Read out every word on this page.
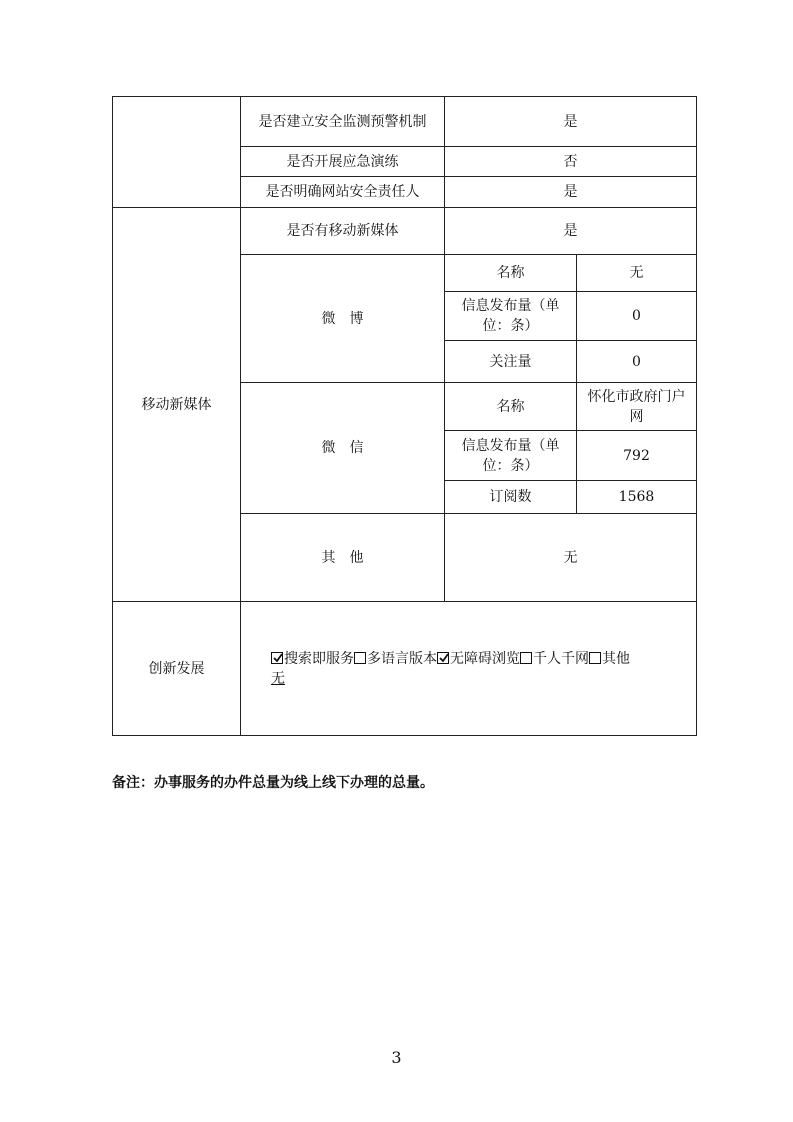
	是否建立安全监测预警机制	是	
	是否开展应急演练	否	
	是否明确网站安全责任人	是	
移动新媒体	是否有移动新媒体	是	
	微　博	名称	无
		信息发布量（单位：条）	0
		关注量	0
	微　信	名称	怀化市政府门户网
		信息发布量（单位：条）	792
		订阅数	1568
	其　他	无	
创新发展	搜索即服务 多语言版本 无障碍浏览 千人千网 其他
无		
备注：办事服务的办件总量为线上线下办理的总量。
3
